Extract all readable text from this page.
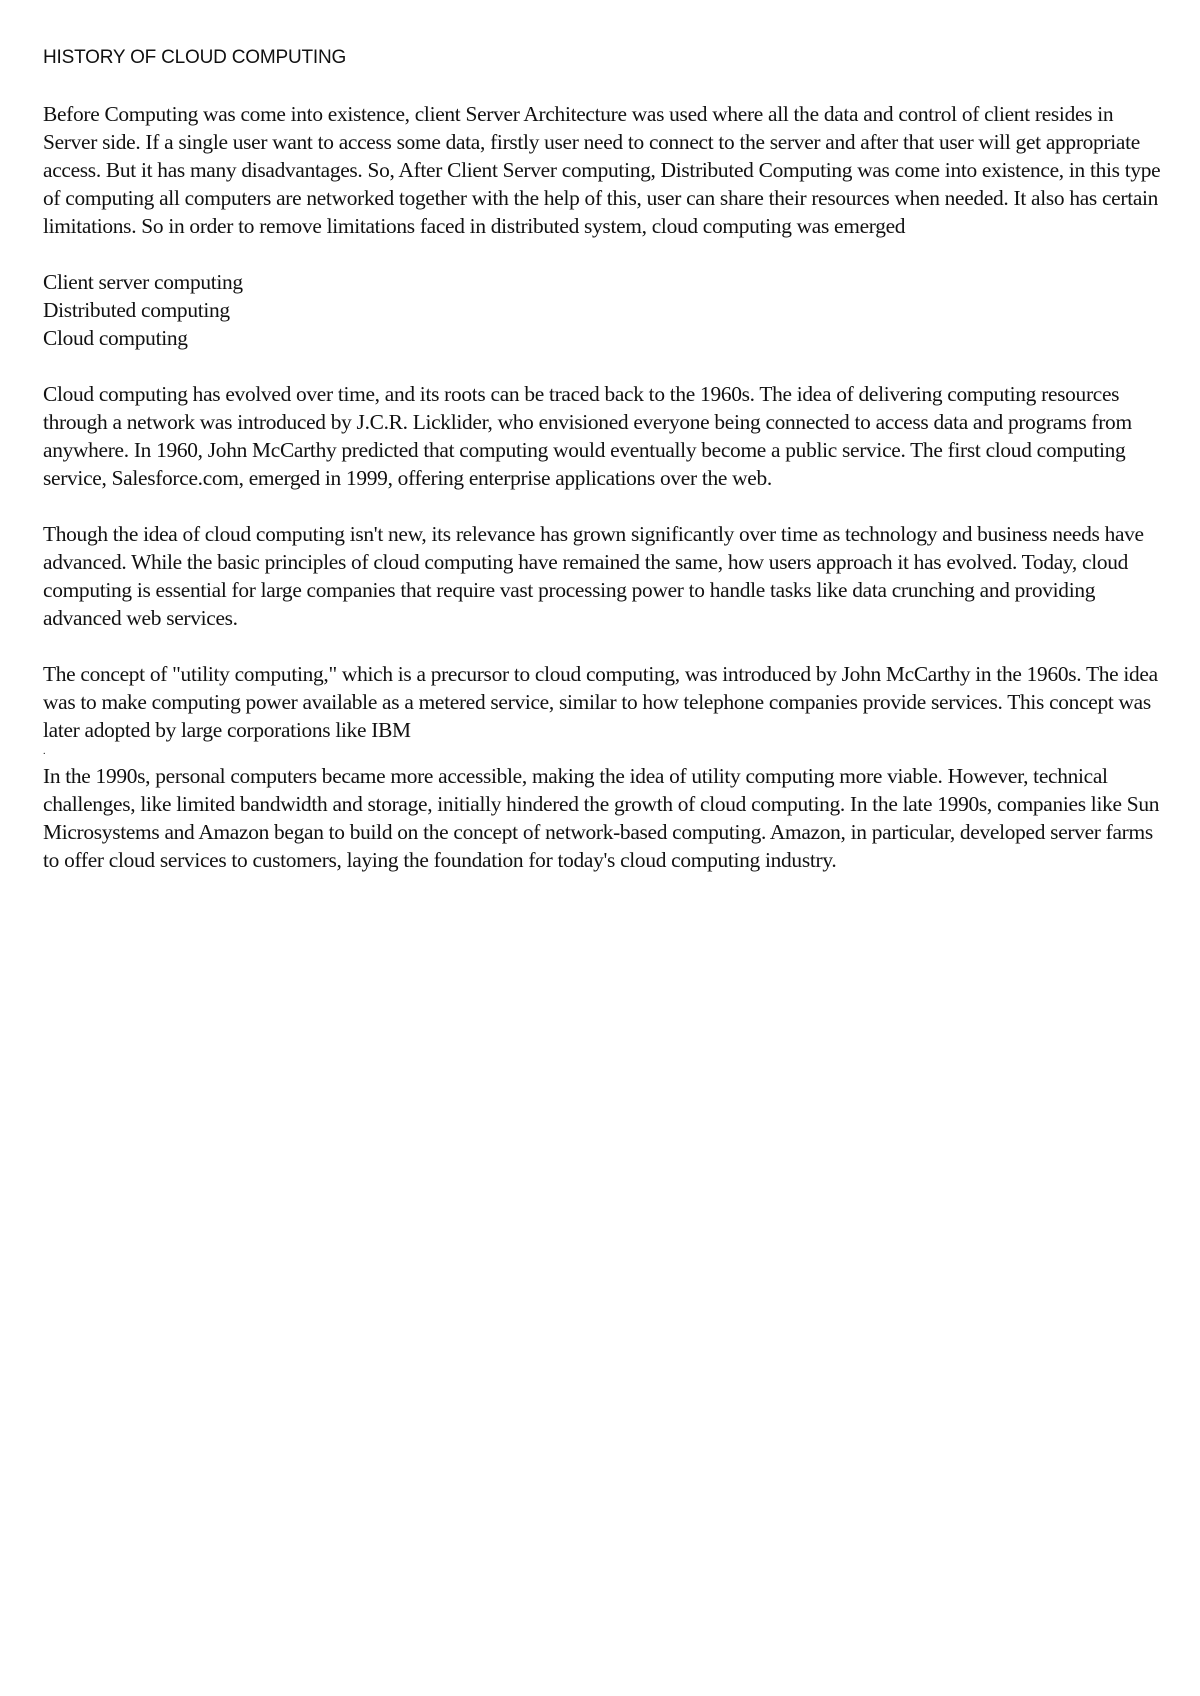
HISTORY OF CLOUD COMPUTING

Before Computing was come into existence, client Server Architecture was used where all the data and control of client resides in Server side. If a single user want to access some data, firstly user need to connect to the server and after that user will get appropriate access. But it has many disadvantages. So, After Client Server computing, Distributed Computing was come into existence, in this type of computing all computers are networked together with the help of this, user can share their resources when needed. It also has certain limitations. So in order to remove limitations faced in distributed system, cloud computing was emerged

Client server computing
Distributed computing
Cloud computing

Cloud computing has evolved over time, and its roots can be traced back to the 1960s. The idea of delivering computing resources through a network was introduced by J.C.R. Licklider, who envisioned everyone being connected to access data and programs from anywhere. In 1960, John McCarthy predicted that computing would eventually become a public service. The first cloud computing service, Salesforce.com, emerged in 1999, offering enterprise applications over the web.

Though the idea of cloud computing isn't new, its relevance has grown significantly over time as technology and business needs have advanced. While the basic principles of cloud computing have remained the same, how users approach it has evolved. Today, cloud computing is essential for large companies that require vast processing power to handle tasks like data crunching and providing advanced web services.

The concept of "utility computing," which is a precursor to cloud computing, was introduced by John McCarthy in the 1960s. The idea was to make computing power available as a metered service, similar to how telephone companies provide services. This concept was later adopted by large corporations like IBM

.

In the 1990s, personal computers became more accessible, making the idea of utility computing more viable. However, technical challenges, like limited bandwidth and storage, initially hindered the growth of cloud computing. In the late 1990s, companies like Sun Microsystems and Amazon began to build on the concept of network-based computing. Amazon, in particular, developed server farms to offer cloud services to customers, laying the foundation for today's cloud computing industry.
